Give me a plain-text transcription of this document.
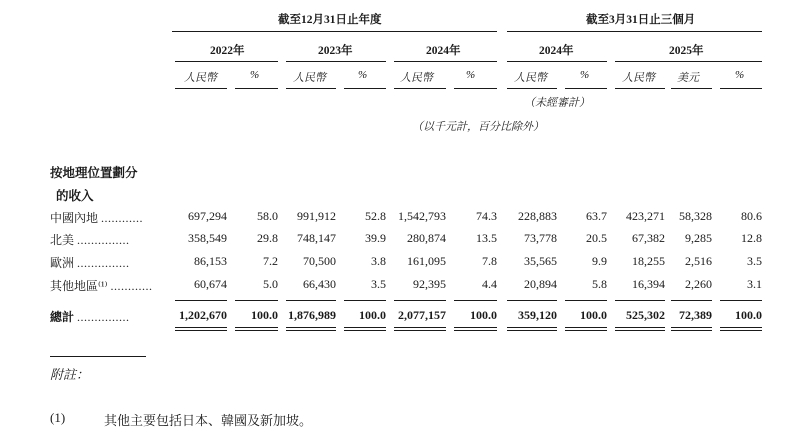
截至12月31日止年度	截至3月31日止三個月
2022年	2023年	2024年	2024年	2025年
人民幣	%	人民幣	%	人民幣	%	人民幣	%	人民幣 美元	%
（未經審計）
（以千元計，百分比除外）
按地理位置劃分
的收入
中國內地 ............	697,294	58.0 991,912 52.8 1,542,793	74.3 228,883 63.7 423,271 58,328 80.6
北美 ...............	358,549	29.8 748,147 39.9 280,874	13.5 73,778 20.5 67,382 9,285 12.8
歐洲 ...............	86,153	7.2 70,500	3.8 161,095	7.8 35,565	9.9 18,255 2,516	3.5
其他地區⁽¹⁾ ............	60,674	5.0 66,430	3.5 92,395	4.4 20,894	5.8 16,394 2,260	3.1
總計 ...............	1,202,670 100.0 1,876,989 100.0 2,077,157 100.0 359,120 100.0 525,302 72,389 100.0
附註：
(1)	其他主要包括日本、韓國及新加坡。
